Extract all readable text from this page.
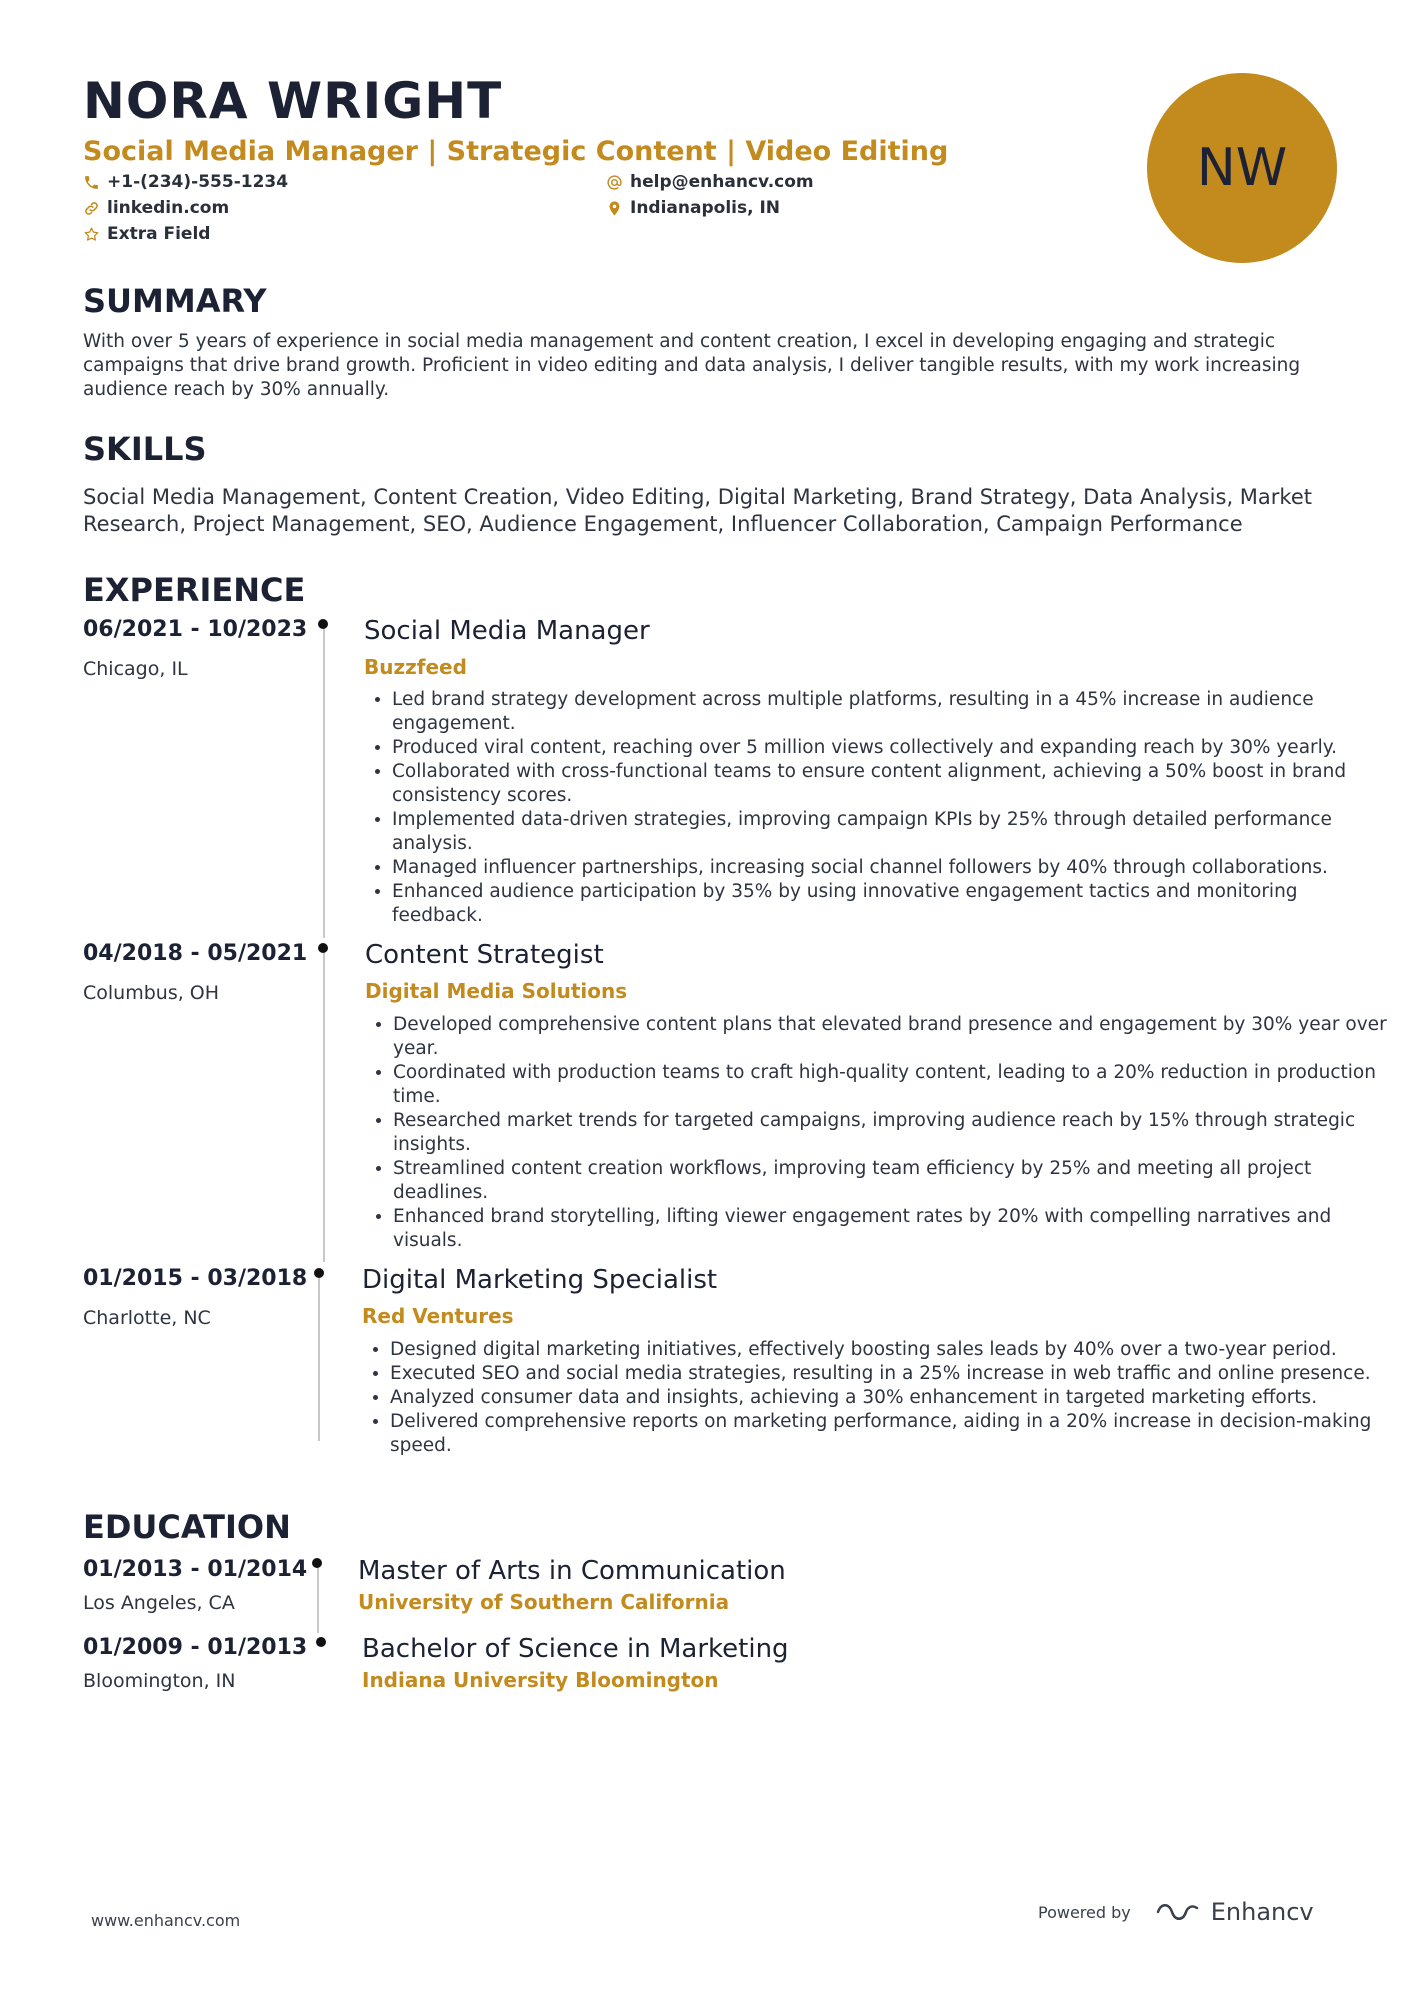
NORA WRIGHT
Social Media Manager | Strategic Content | Video Editing
+1-(234)-555-1234	help@enhancv.com
linkedin.com	Indianapolis, IN
Extra Field
NW
SUMMARY
With over 5 years of experience in social media management and content creation, I excel in developing engaging and strategic campaigns that drive brand growth. Proficient in video editing and data analysis, I deliver tangible results, with my work increasing audience reach by 30% annually.
SKILLS
Social Media Management, Content Creation, Video Editing, Digital Marketing, Brand Strategy, Data Analysis, Market Research, Project Management, SEO, Audience Engagement, Influencer Collaboration, Campaign Performance
EXPERIENCE
06/2021 - 10/2023
Chicago, IL
Social Media Manager
Buzzfeed
• Led brand strategy development across multiple platforms, resulting in a 45% increase in audience engagement.
• Produced viral content, reaching over 5 million views collectively and expanding reach by 30% yearly.
• Collaborated with cross-functional teams to ensure content alignment, achieving a 50% boost in brand consistency scores.
• Implemented data-driven strategies, improving campaign KPIs by 25% through detailed performance analysis.
• Managed influencer partnerships, increasing social channel followers by 40% through collaborations.
• Enhanced audience participation by 35% by using innovative engagement tactics and monitoring feedback.
04/2018 - 05/2021
Columbus, OH
Content Strategist
Digital Media Solutions
• Developed comprehensive content plans that elevated brand presence and engagement by 30% year over year.
• Coordinated with production teams to craft high-quality content, leading to a 20% reduction in production time.
• Researched market trends for targeted campaigns, improving audience reach by 15% through strategic insights.
• Streamlined content creation workflows, improving team efficiency by 25% and meeting all project deadlines.
• Enhanced brand storytelling, lifting viewer engagement rates by 20% with compelling narratives and visuals.
01/2015 - 03/2018
Charlotte, NC
Digital Marketing Specialist
Red Ventures
• Designed digital marketing initiatives, effectively boosting sales leads by 40% over a two-year period.
• Executed SEO and social media strategies, resulting in a 25% increase in web traffic and online presence.
• Analyzed consumer data and insights, achieving a 30% enhancement in targeted marketing efforts.
• Delivered comprehensive reports on marketing performance, aiding in a 20% increase in decision-making speed.
EDUCATION
01/2013 - 01/2014
Los Angeles, CA
Master of Arts in Communication
University of Southern California
01/2009 - 01/2013
Bloomington, IN
Bachelor of Science in Marketing
Indiana University Bloomington
www.enhancv.com	Powered by	Enhancv
